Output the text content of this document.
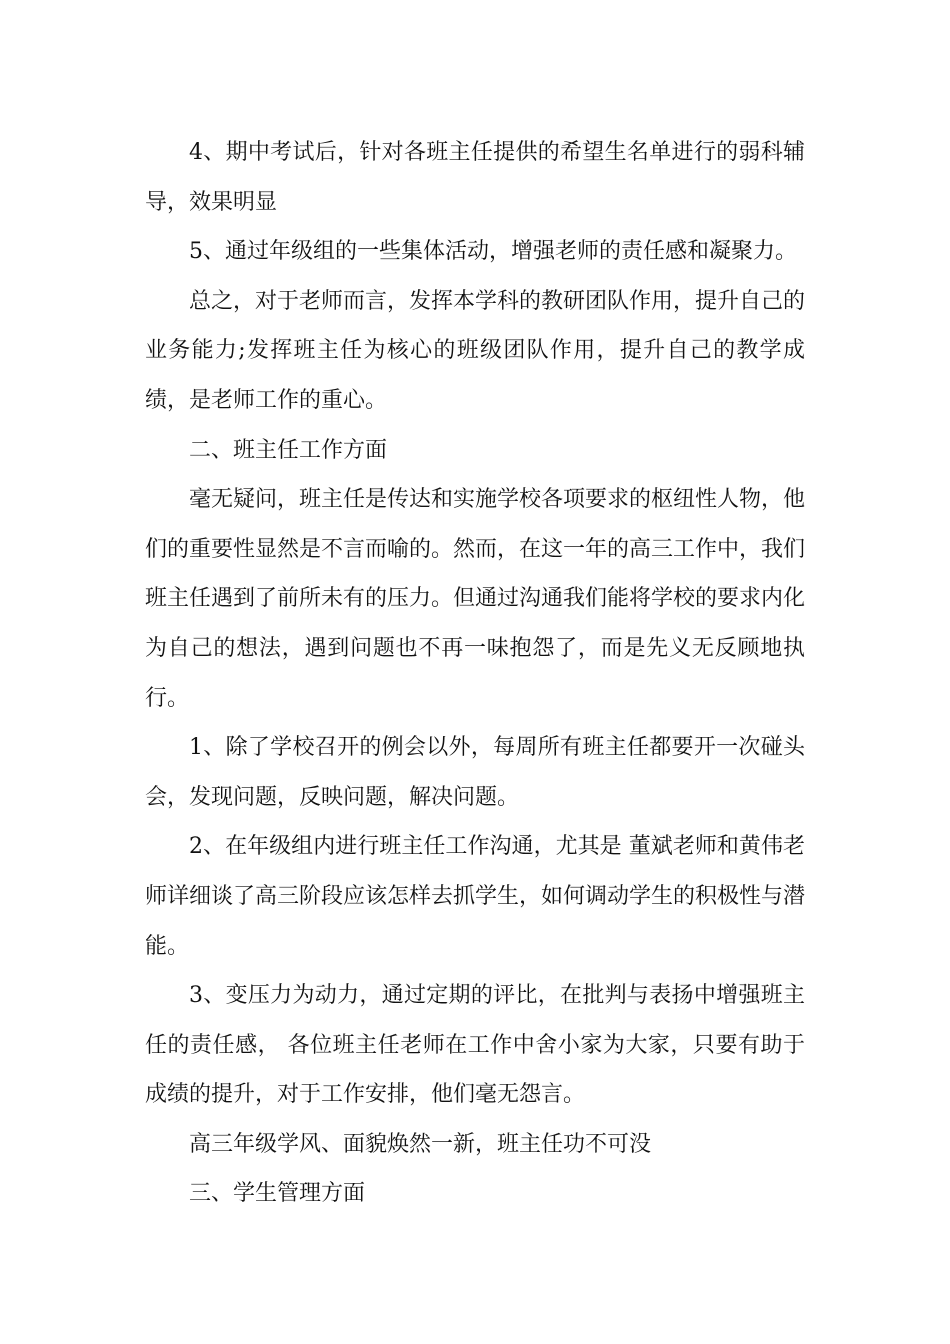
4、期中考试后，针对各班主任提供的希望生名单进行的弱科辅导，效果明显

5、通过年级组的一些集体活动，增强老师的责任感和凝聚力。

总之，对于老师而言，发挥本学科的教研团队作用，提升自己的业务能力;发挥班主任为核心的班级团队作用，提升自己的教学成绩，是老师工作的重心。

二、班主任工作方面

毫无疑问，班主任是传达和实施学校各项要求的枢纽性人物，他们的重要性显然是不言而喻的。然而，在这一年的高三工作中，我们班主任遇到了前所未有的压力。但通过沟通我们能将学校的要求内化为自己的想法，遇到问题也不再一味抱怨了，而是先义无反顾地执行。

1、除了学校召开的例会以外，每周所有班主任都要开一次碰头会，发现问题，反映问题，解决问题。

2、在年级组内进行班主任工作沟通，尤其是 董斌老师和黄伟老师详细谈了高三阶段应该怎样去抓学生，如何调动学生的积极性与潜能。

3、变压力为动力，通过定期的评比，在批判与表扬中增强班主任的责任感， 各位班主任老师在工作中舍小家为大家，只要有助于成绩的提升，对于工作安排，他们毫无怨言。

高三年级学风、面貌焕然一新，班主任功不可没

三、学生管理方面
